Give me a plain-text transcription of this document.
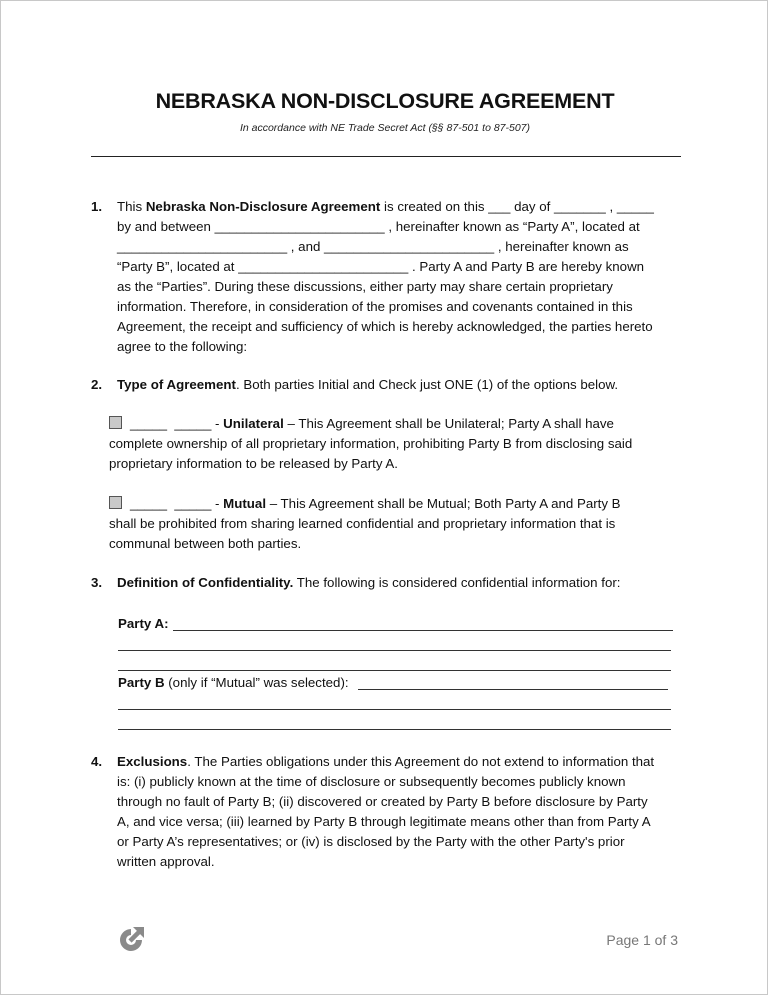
NEBRASKA NON-DISCLOSURE AGREEMENT
In accordance with NE Trade Secret Act (§§ 87-501 to 87-507)
1.	This Nebraska Non-Disclosure Agreement is created on this ___ day of _______ , _____
by and between _______________________ , hereinafter known as “Party A”, located at
_______________________ , and _______________________ , hereinafter known as
“Party B”, located at _______________________ . Party A and Party B are hereby known
as the “Parties”. During these discussions, either party may share certain proprietary
information. Therefore, in consideration of the promises and covenants contained in this
Agreement, the receipt and sufficiency of which is hereby acknowledged, the parties hereto
agree to the following:
2.	Type of Agreement. Both parties Initial and Check just ONE (1) of the options below.
_____  _____ - Unilateral – This Agreement shall be Unilateral; Party A shall have
complete ownership of all proprietary information, prohibiting Party B from disclosing said
proprietary information to be released by Party A.
_____  _____ - Mutual – This Agreement shall be Mutual; Both Party A and Party B
shall be prohibited from sharing learned confidential and proprietary information that is
communal between both parties.
3.	Definition of Confidentiality. The following is considered confidential information for:
Party A:
Party B (only if “Mutual” was selected):
4.	Exclusions. The Parties obligations under this Agreement do not extend to information that
is: (i) publicly known at the time of disclosure or subsequently becomes publicly known
through no fault of Party B; (ii) discovered or created by Party B before disclosure by Party
A, and vice versa; (iii) learned by Party B through legitimate means other than from Party A
or Party A’s representatives; or (iv) is disclosed by the Party with the other Party's prior
written approval.
Page 1 of 3
